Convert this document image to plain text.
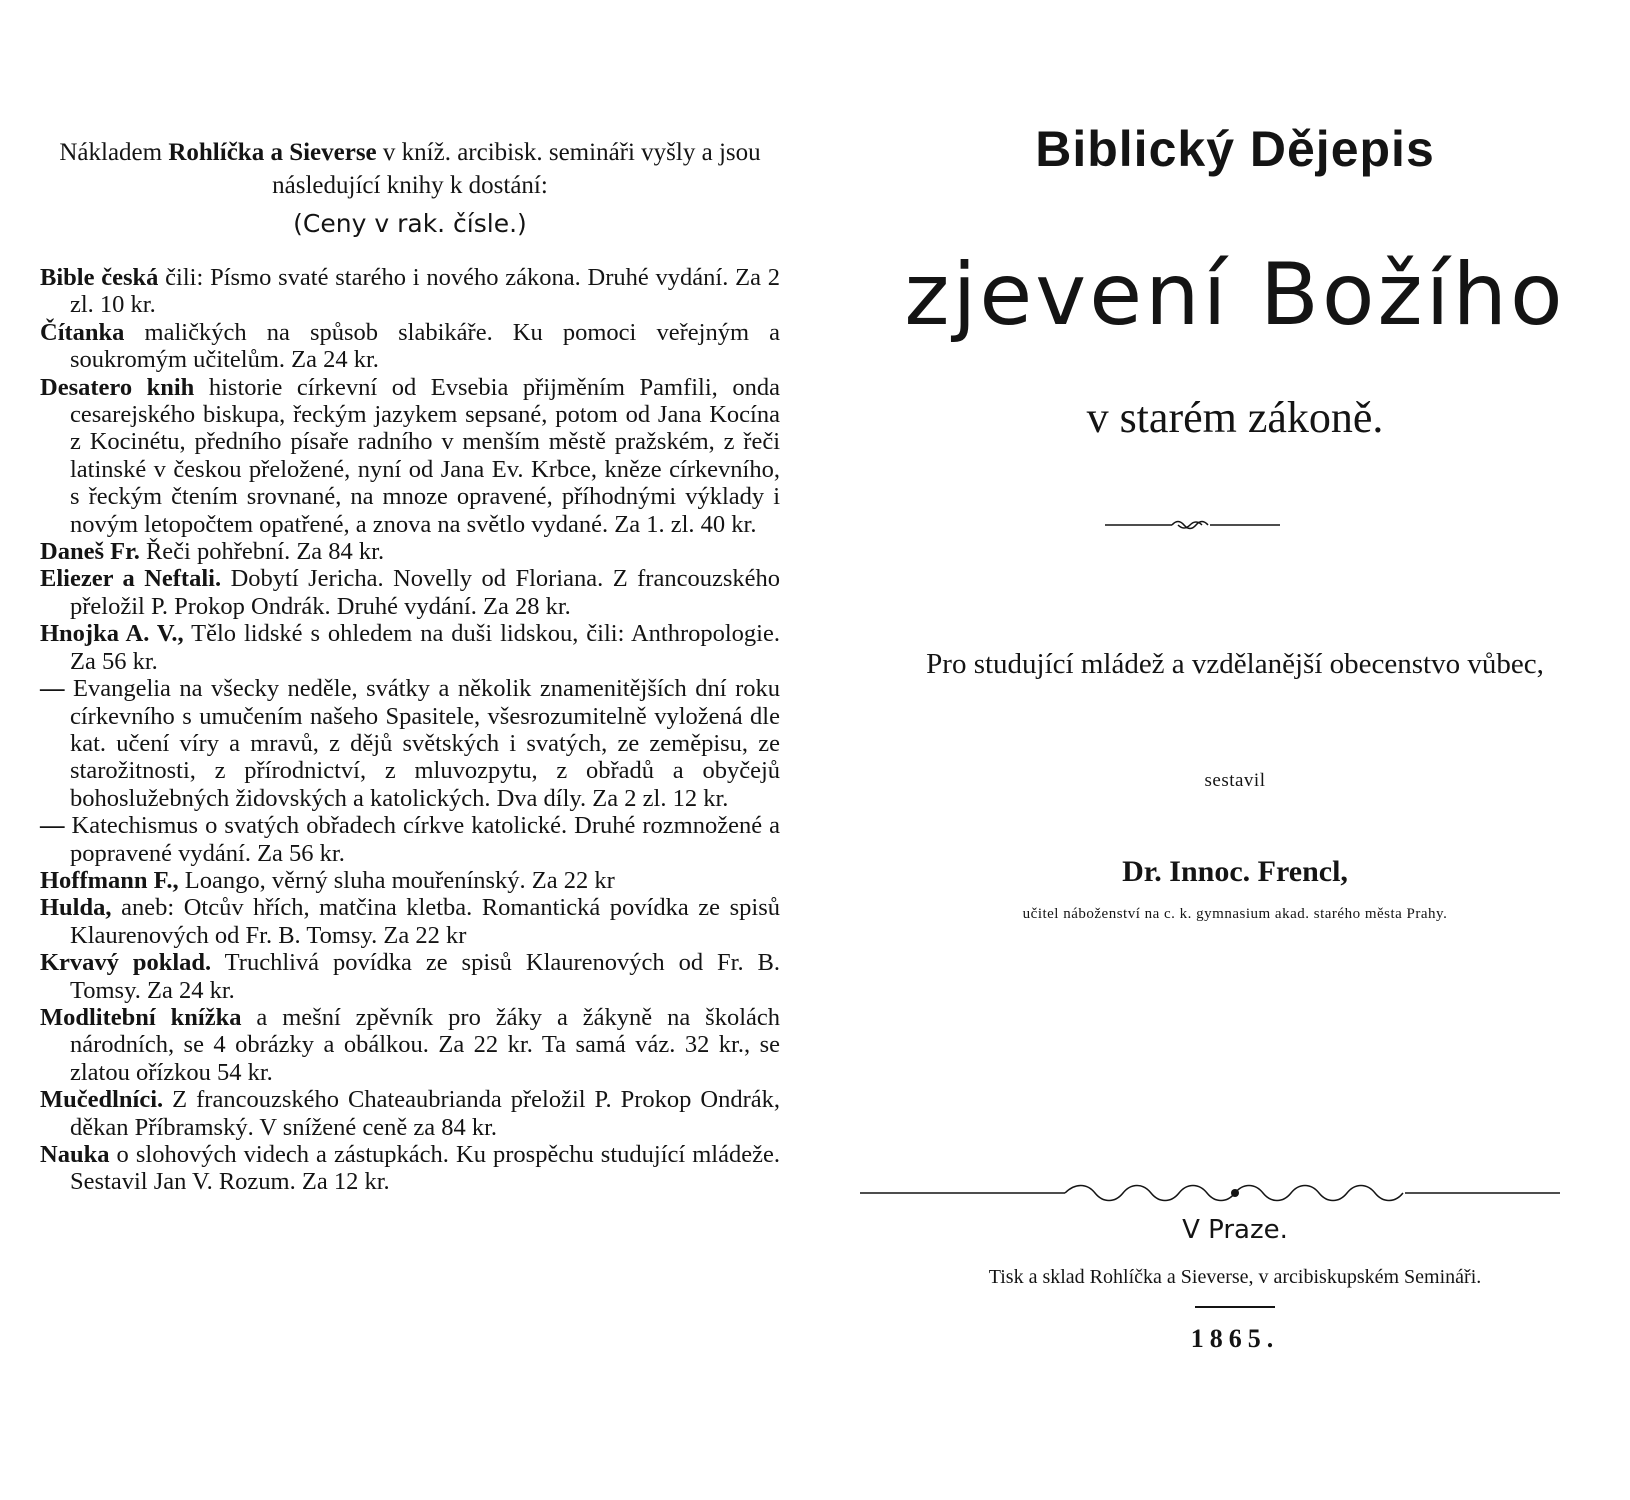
Nákladem Rohlíčka a Sieverse v kníž. arcibisk. semináři vyšly a jsou následující knihy k dostání:
(Ceny v rak. čísle.)
Bible česká čili: Písmo svaté starého i nového zákona. Druhé vydání. Za 2 zl. 10 kr.
Čítanka maličkých na spůsob slabikáře. Ku pomoci veřejným a soukromým učitelům. Za 24 kr.
Desatero knih historie církevní od Evsebia přijměním Pamfili, onda cesarejského biskupa, řeckým jazykem sepsané, potom od Jana Kocína z Kocinétu, předního písaře radního v menším městě pražském, z řeči latinské v českou přeložené, nyní od Jana Ev. Krbce, kněze církevního, s řeckým čtením srovnané, na mnoze opravené, příhodnými výklady i novým letopočtem opatřené, a znova na světlo vydané. Za 1. zl. 40 kr.
Daneš Fr. Řeči pohřební. Za 84 kr.
Eliezer a Neftali. Dobytí Jericha. Novelly od Floriana. Z francouzského přeložil P. Prokop Ondrák. Druhé vydání. Za 28 kr.
Hnojka A. V., Tělo lidské s ohledem na duši lidskou, čili: Anthropologie. Za 56 kr.
— Evangelia na všecky neděle, svátky a několik znamenitějších dní roku církevního s umučením našeho Spasitele, všesrozumitelně vyložená dle kat. učení víry a mravů, z dějů světských i svatých, ze zeměpisu, ze starožitnosti, z přírodnictví, z mluvozpytu, z obřadů a obyčejů bohoslužebných židovských a katolických. Dva díly. Za 2 zl. 12 kr.
— Katechismus o svatých obřadech církve katolické. Druhé rozmnožené a popravené vydání. Za 56 kr.
Hoffmann F., Loango, věrný sluha mouřenínský. Za 22 kr
Hulda, aneb: Otcův hřích, matčina kletba. Romantická povídka ze spisů Klaurenových od Fr. B. Tomsy. Za 22 kr
Krvavý poklad. Truchlivá povídka ze spisů Klaurenových od Fr. B. Tomsy. Za 24 kr.
Modlitební knížka a mešní zpěvník pro žáky a žákyně na školách národních, se 4 obrázky a obálkou. Za 22 kr. Ta samá váz. 32 kr., se zlatou ořízkou 54 kr.
Mučedlníci. Z francouzského Chateaubrianda přeložil P. Prokop Ondrák, děkan Příbramský. V snížené ceně za 84 kr.
Nauka o slohových videch a zástupkách. Ku prospěchu studující mládeže. Sestavil Jan V. Rozum. Za 12 kr.
Biblický Dějepis
zjevení Božího
v starém zákoně.
Pro studující mládež a vzdělanější obecenstvo vůbec,
sestavil
Dr. Innoc. Frencl,
učitel náboženství na c. k. gymnasium akad. starého města Prahy.
V Praze.
Tisk a sklad Rohlíčka a Sieverse, v arcibiskupském Semináři.
1865.
